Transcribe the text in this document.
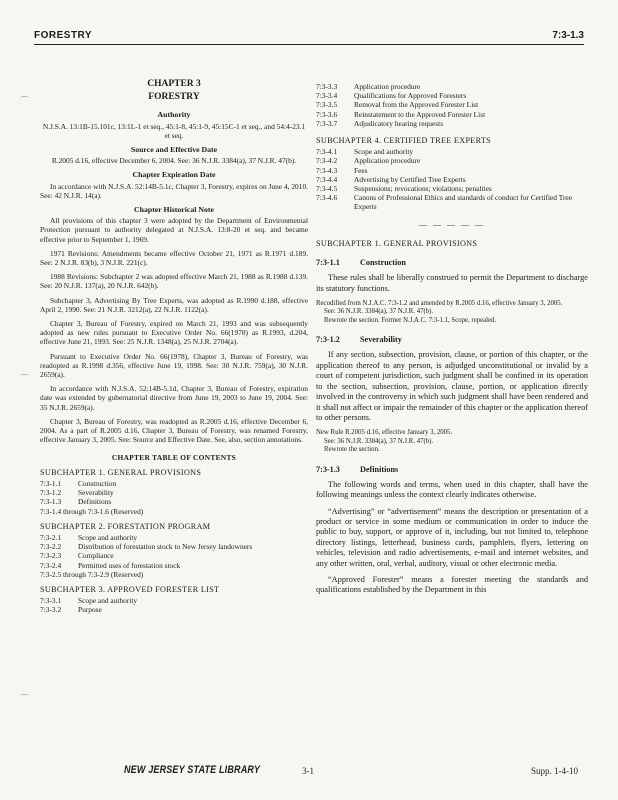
FORESTRY	7:3-1.3
⌒
⌒
⌒
CHAPTER 3
FORESTRY
Authority
N.J.S.A. 13:1B-15.101c, 13:1L-1 et seq., 45:1-8, 45:1-9, 45:15C-1 et seq., and 54:4-23.1 et seq.
Source and Effective Date
R.2005 d.16, effective December 6, 2004. See: 36 N.J.R. 3384(a), 37 N.J.R. 47(b).
Chapter Expiration Date
In accordance with N.J.S.A. 52:14B-5.1c, Chapter 3, Forestry, expires on June 4, 2010. See: 42 N.J.R. 14(a).
Chapter Historical Note
All provisions of this chapter 3 were adopted by the Department of Environmental Protection pursuant to authority delegated at N.J.S.A. 13:8-20 et seq. and became effective prior to September 1, 1969.
1971 Revisions: Amendments became effective October 21, 1971 as R.1971 d.189. See: 2 N.J.R. 83(b), 3 N.J.R. 221(c).
1988 Revisions: Subchapter 2 was adopted effective March 21, 1988 as R.1988 d.139. See: 20 N.J.R. 137(a), 20 N.J.R. 642(b).
Subchapter 3, Advertising By Tree Experts, was adopted as R.1990 d.188, effective April 2, 1990. See: 21 N.J.R. 3212(a), 22 N.J.R. 1122(a).
Chapter 3, Bureau of Forestry, expired on March 21, 1993 and was subsequently adopted as new rules pursuant to Executive Order No. 66(1978) as R.1993, d.204, effective June 21, 1993. See: 25 N.J.R. 1348(a), 25 N.J.R. 2704(a).
Pursuant to Executive Order No. 66(1978), Chapter 3, Bureau of Forestry, was readopted as R.1998 d.356, effective June 19, 1998. See: 30 N.J.R. 759(a), 30 N.J.R. 2659(a).
In accordance with N.J.S.A. 52:14B-5.1d, Chapter 3, Bureau of Forestry, expiration date was extended by gubernatorial directive from June 19, 2003 to June 19, 2004. See: 35 N.J.R. 2659(a).
Chapter 3, Bureau of Forestry, was readopted as R.2005 d.16, effective December 6, 2004. As a part of R.2005 d.16, Chapter 3, Bureau of Forestry, was renamed Forestry, effective January 3, 2005. See: Source and Effective Date. See, also, section annotations.
CHAPTER TABLE OF CONTENTS
SUBCHAPTER 1. GENERAL PROVISIONS
7:3-1.1	Construction
7:3-1.2	Severability
7:3-1.3	Definitions
7:3-1.4 through 7:3-1.6 (Reserved)
SUBCHAPTER 2. FORESTATION PROGRAM
7:3-2.1	Scope and authority
7:3-2.2	Distribution of forestation stock to New Jersey landowners
7:3-2.3	Compliance
7:3-2.4	Permitted uses of forestation stock
7:3-2.5 through 7:3-2.9 (Reserved)
SUBCHAPTER 3. APPROVED FORESTER LIST
7:3-3.1	Scope and authority
7:3-3.2	Purpose
7:3-3.3	Application procedure
7:3-3.4	Qualifications for Approved Foresters
7:3-3.5	Removal from the Approved Forester List
7:3-3.6	Reinstatement to the Approved Forester List
7:3-3.7	Adjudicatory hearing requests
SUBCHAPTER 4. CERTIFIED TREE EXPERTS
7:3-4.1	Scope and authority
7:3-4.2	Application procedure
7:3-4.3	Fees
7:3-4.4	Advertising by Certified Tree Experts
7:3-4.5	Suspensions; revocations; violations; penalties
7:3-4.6	Canons of Professional Ethics and standards of conduct for Certified Tree Experts
— — — — —
SUBCHAPTER 1. GENERAL PROVISIONS
7:3-1.1 Construction
These rules shall be liberally construed to permit the Department to discharge its statutory functions.
Recodified from N.J.A.C. 7:3-1.2 and amended by R.2005 d.16, effective January 3, 2005.
See: 36 N.J.R. 3384(a), 37 N.J.R. 47(b).
Rewrote the section. Former N.J.A.C. 7:3-1.1, Scope, repealed.
7:3-1.2 Severability
If any section, subsection, provision, clause, or portion of this chapter, or the application thereof to any person, is adjudged unconstitutional or invalid by a court of competent jurisdiction, such judgment shall be confined in its operation to the section, subsection, provision, clause, portion, or application directly involved in the controversy in which such judgment shall have been rendered and it shall not affect or impair the remainder of this chapter or the application thereof to other persons.
New Rule R.2005 d.16, effective January 3, 2005.
See: 36 N.J.R. 3384(a), 37 N.J.R. 47(b).
Rewrote the section.
7:3-1.3 Definitions
The following words and terms, when used in this chapter, shall have the following meanings unless the context clearly indicates otherwise.
“Advertising” or “advertisement” means the description or presentation of a product or service in some medium or communication in order to induce the public to buy, support, or approve of it, including, but not limited to, telephone directory listings, letterhead, business cards, pamphlets, flyers, lettering on vehicles, television and radio advertisements, e-mail and internet websites, and any other written, oral, verbal, auditory, visual or other electronic media.
“Approved Forester” means a forester meeting the standards and qualifications established by the Department in this
NEW JERSEY STATE LIBRARY	3-1	Supp. 1-4-10
